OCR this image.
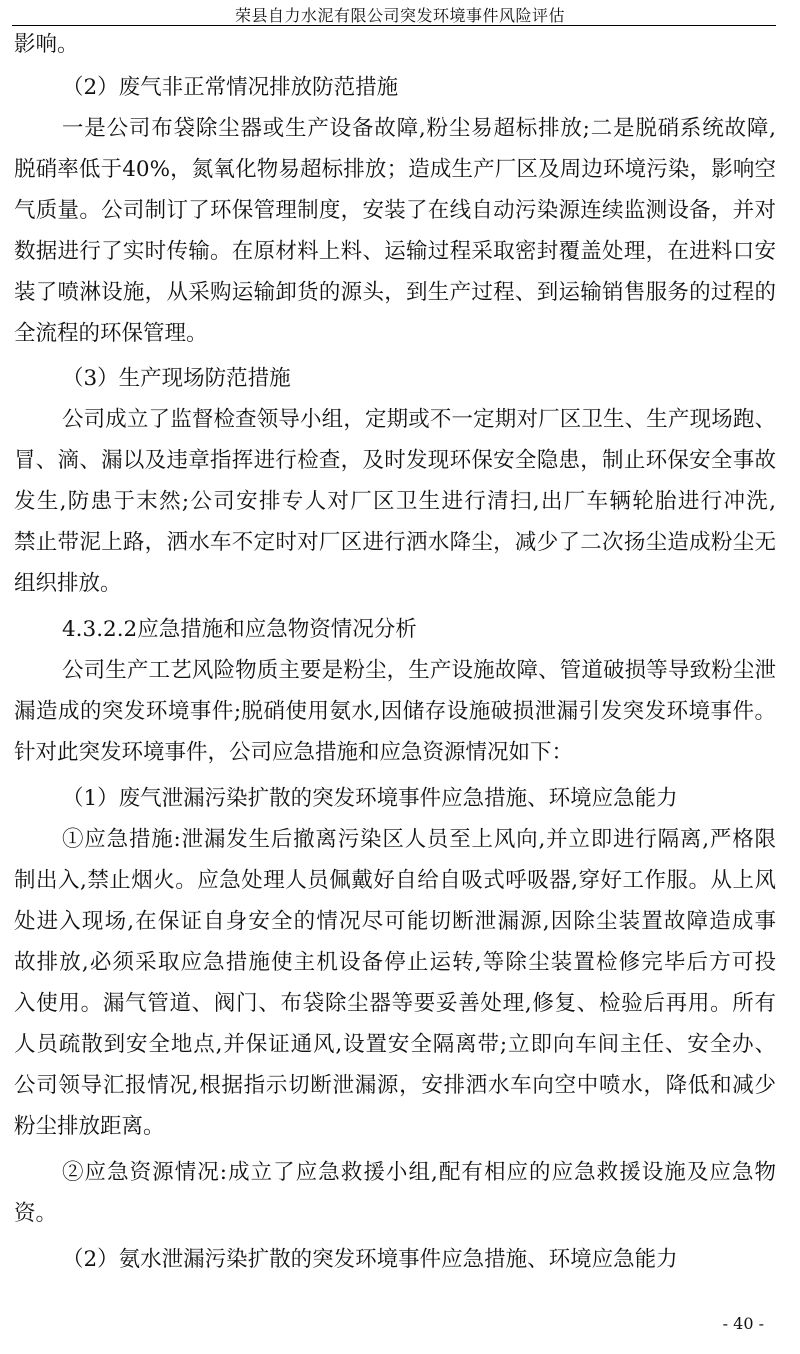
荣县自力水泥有限公司突发环境事件风险评估
影响。
（2）废气非正常情况排放防范措施
一是公司布袋除尘器或生产设备故障,粉尘易超标排放;二是脱硝系统故障,
脱硝率低于40%，氮氧化物易超标排放；造成生产厂区及周边环境污染，影响空
气质量。公司制订了环保管理制度，安装了在线自动污染源连续监测设备，并对
数据进行了实时传输。在原材料上料、运输过程采取密封覆盖处理，在进料口安
装了喷淋设施，从采购运输卸货的源头，到生产过程、到运输销售服务的过程的
全流程的环保管理。
（3）生产现场防范措施
公司成立了监督检查领导小组，定期或不一定期对厂区卫生、生产现场跑、
冒、滴、漏以及违章指挥进行检查，及时发现环保安全隐患，制止环保安全事故
发生,防患于末然;公司安排专人对厂区卫生进行清扫,出厂车辆轮胎进行冲洗,
禁止带泥上路，洒水车不定时对厂区进行洒水降尘，减少了二次扬尘造成粉尘无
组织排放。
4.3.2.2应急措施和应急物资情况分析
公司生产工艺风险物质主要是粉尘，生产设施故障、管道破损等导致粉尘泄
漏造成的突发环境事件;脱硝使用氨水,因储存设施破损泄漏引发突发环境事件。
针对此突发环境事件，公司应急措施和应急资源情况如下：
（1）废气泄漏污染扩散的突发环境事件应急措施、环境应急能力
①应急措施:泄漏发生后撤离污染区人员至上风向,并立即进行隔离,严格限
制出入,禁止烟火。应急处理人员佩戴好自给自吸式呼吸器,穿好工作服。从上风
处进入现场,在保证自身安全的情况尽可能切断泄漏源,因除尘装置故障造成事
故排放,必须采取应急措施使主机设备停止运转,等除尘装置检修完毕后方可投
入使用。漏气管道、阀门、布袋除尘器等要妥善处理,修复、检验后再用。所有
人员疏散到安全地点,并保证通风,设置安全隔离带;立即向车间主任、安全办、
公司领导汇报情况,根据指示切断泄漏源，安排洒水车向空中喷水，降低和减少
粉尘排放距离。
②应急资源情况:成立了应急救援小组,配有相应的应急救援设施及应急物
资。
（2）氨水泄漏污染扩散的突发环境事件应急措施、环境应急能力
- 40 -
